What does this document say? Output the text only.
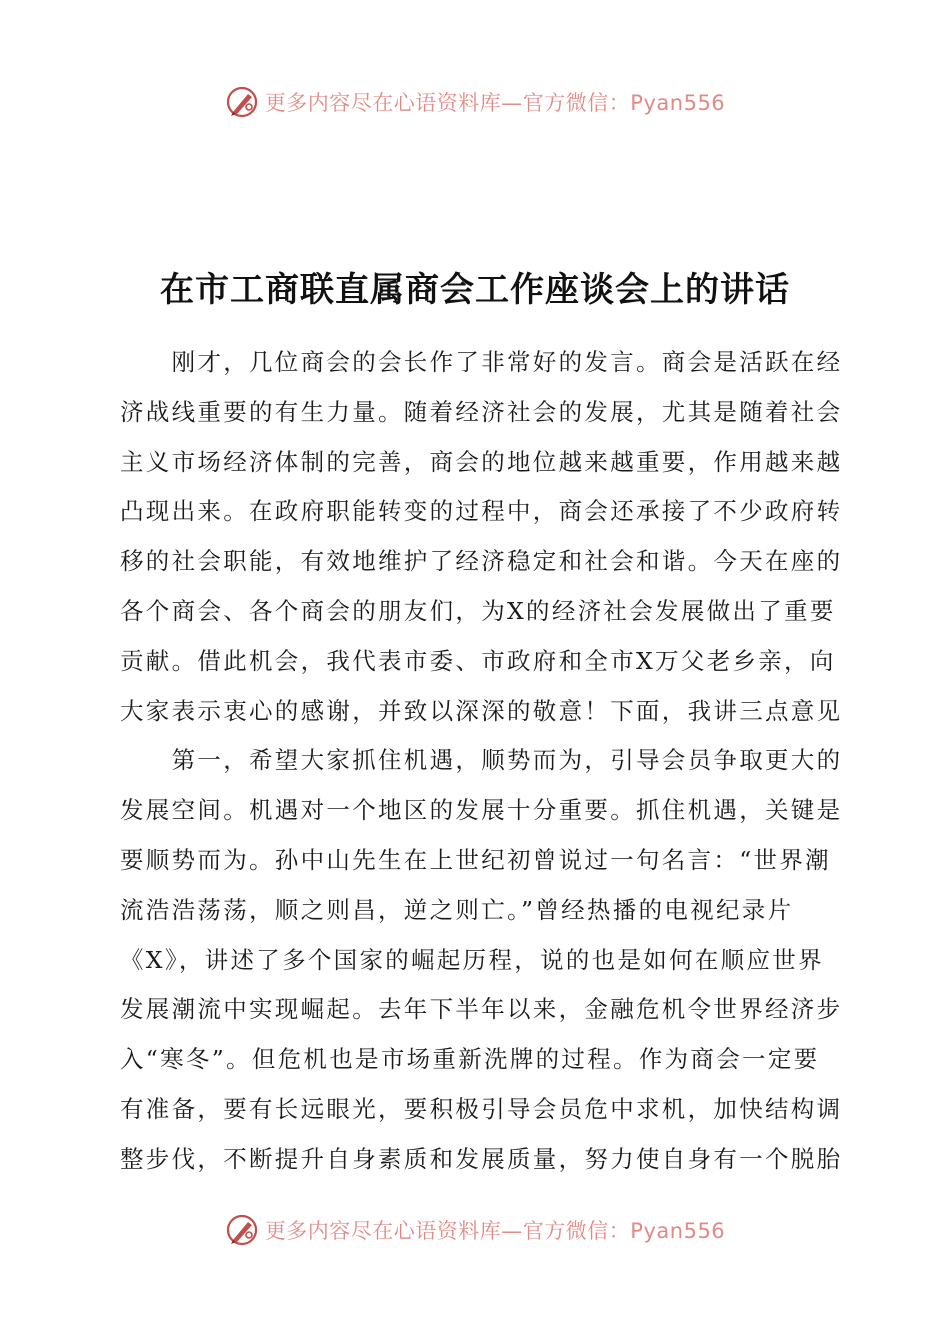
更多内容尽在心语资料库—官方微信：Pyan556
在市工商联直属商会工作座谈会上的讲话
　　刚才，几位商会的会长作了非常好的发言。商会是活跃在经
济战线重要的有生力量。随着经济社会的发展，尤其是随着社会
主义市场经济体制的完善，商会的地位越来越重要，作用越来越
凸现出来。在政府职能转变的过程中，商会还承接了不少政府转
移的社会职能，有效地维护了经济稳定和社会和谐。今天在座的
各个商会、各个商会的朋友们，为X的经济社会发展做出了重要
贡献。借此机会，我代表市委、市政府和全市X万父老乡亲，向
大家表示衷心的感谢，并致以深深的敬意！下面，我讲三点意见
　　第一，希望大家抓住机遇，顺势而为，引导会员争取更大的
发展空间。机遇对一个地区的发展十分重要。抓住机遇，关键是
要顺势而为。孙中山先生在上世纪初曾说过一句名言：“世界潮
流浩浩荡荡，顺之则昌，逆之则亡。”曾经热播的电视纪录片
《X》，讲述了多个国家的崛起历程，说的也是如何在顺应世界
发展潮流中实现崛起。去年下半年以来，金融危机令世界经济步
入“寒冬”。但危机也是市场重新洗牌的过程。作为商会一定要
有准备，要有长远眼光，要积极引导会员危中求机，加快结构调
整步伐，不断提升自身素质和发展质量，努力使自身有一个脱胎
更多内容尽在心语资料库—官方微信：Pyan556
